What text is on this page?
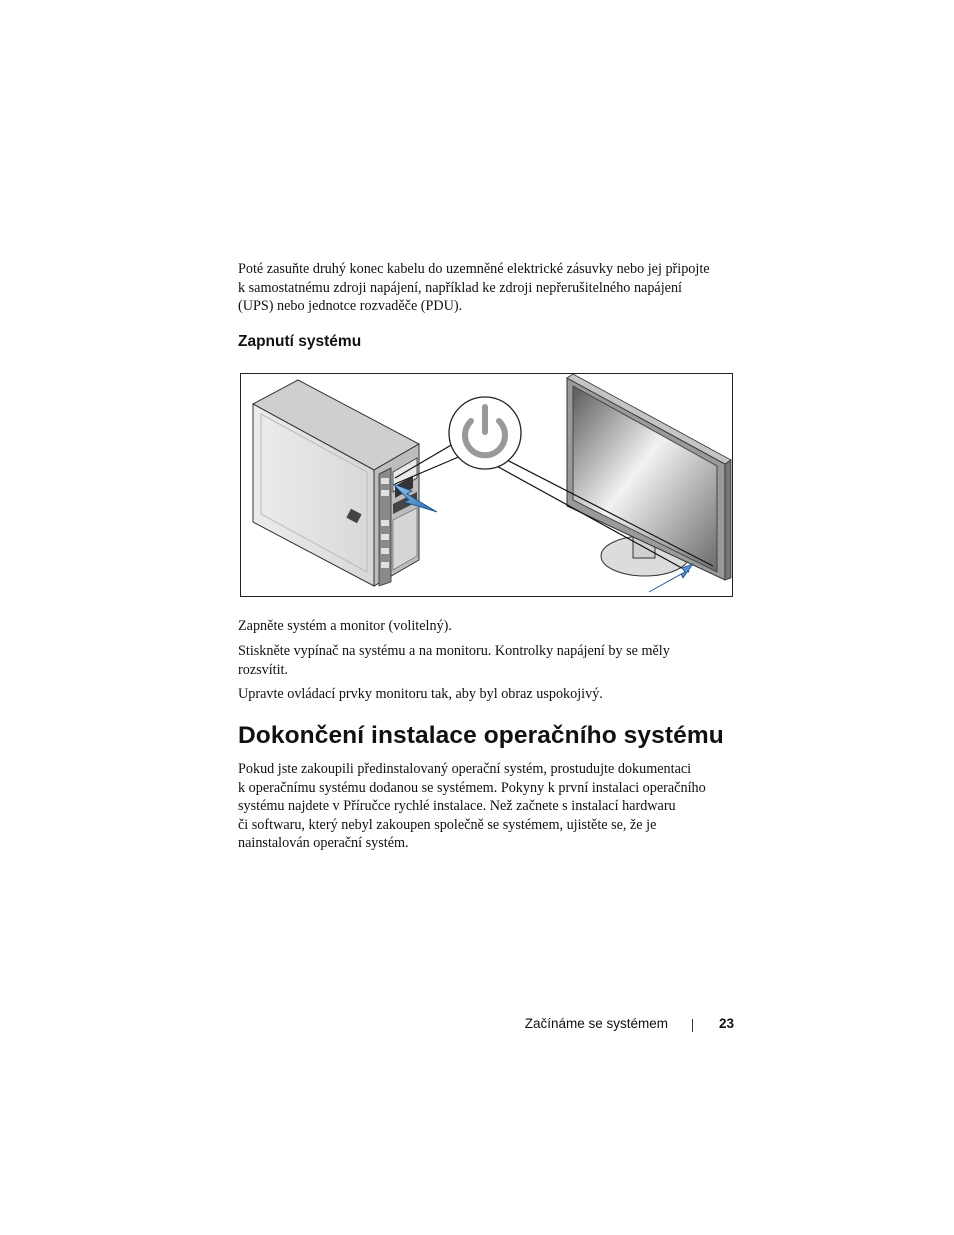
Poté zasuňte druhý konec kabelu do uzemněné elektrické zásuvky nebo jej připojte
k samostatnému zdroji napájení, například ke zdroji nepřerušitelného napájení
(UPS) nebo jednotce rozvaděče (PDU).

Zapnutí systému

Zapněte systém a monitor (volitelný).

Stiskněte vypínač na systému a na monitoru. Kontrolky napájení by se měly
rozsvítit.

Upravte ovládací prvky monitoru tak, aby byl obraz uspokojivý.

Dokončení instalace operačního systému

Pokud jste zakoupili předinstalovaný operační systém, prostudujte dokumentaci
k operačnímu systému dodanou se systémem. Pokyny k první instalaci operačního
systému najdete v Příručce rychlé instalace. Než začnete s instalací hardwaru
či softwaru, který nebyl zakoupen společně se systémem, ujistěte se, že je
nainstalován operační systém.

Začínáme se systémem	23
